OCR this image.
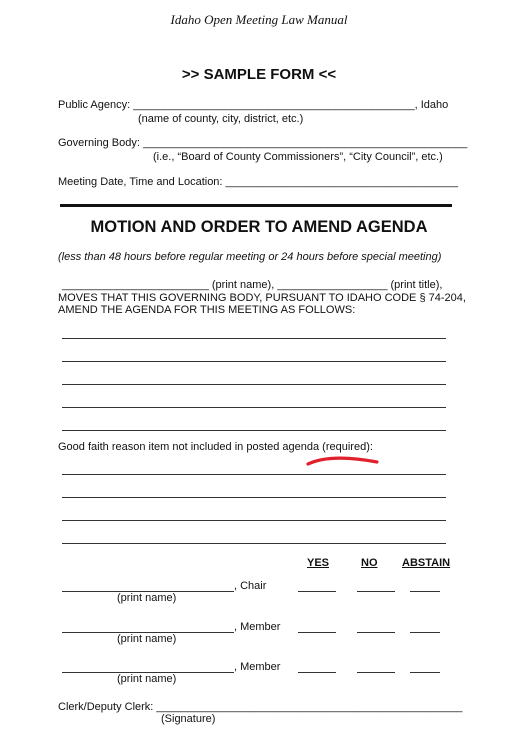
Idaho Open Meeting Law Manual
>> SAMPLE FORM <<
Public Agency: ______________________________________________, Idaho
(name of county, city, district, etc.)
Governing Body: _____________________________________________________
(i.e., “Board of County Commissioners”, “City Council”, etc.)
Meeting Date, Time and Location: ______________________________________
MOTION AND ORDER TO AMEND AGENDA
(less than 48 hours before regular meeting or 24 hours before special meeting)
________________________ (print name), __________________ (print title),
MOVES THAT THIS GOVERNING BODY, PURSUANT TO IDAHO CODE § 74-204,
AMEND THE AGENDA FOR THIS MEETING AS FOLLOWS:
Good faith reason item not included in posted agenda (required):
YES	NO ABSTAIN
, Chair
(print name)
, Member
(print name)
, Member
(print name)
Clerk/Deputy Clerk: __________________________________________________
(Signature)
